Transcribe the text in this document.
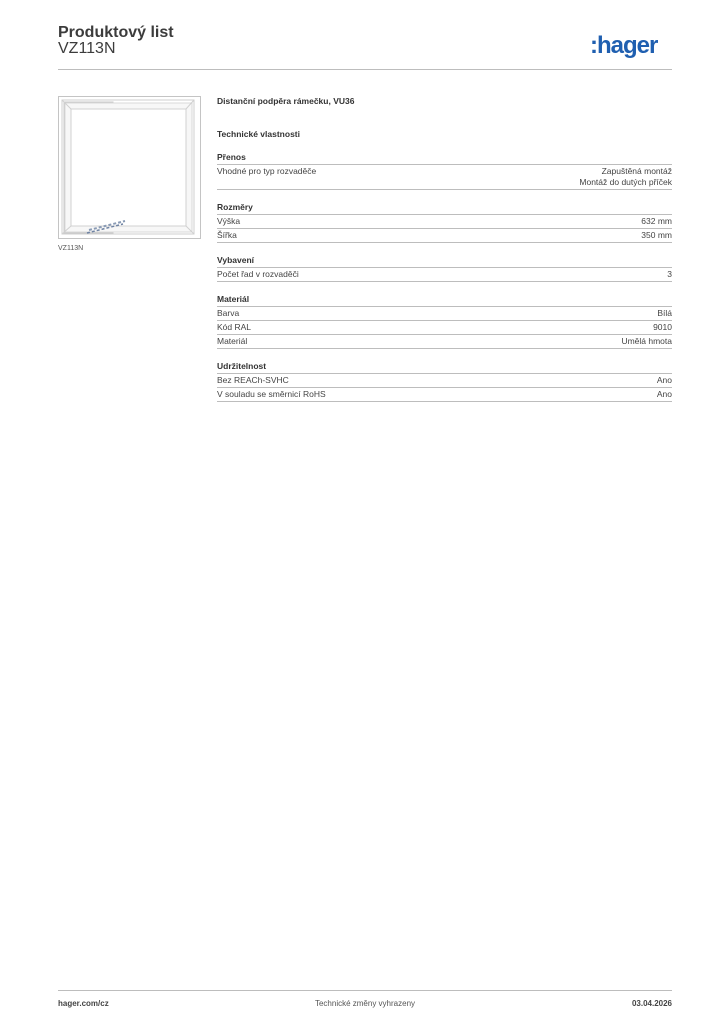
Produktový list
VZ113N	:hager
VZ113N
Distanční podpěra rámečku, VU36
Technické vlastnosti
Přenos
Vhodné pro typ rozvaděče	Zapuštěná montáž
Montáž do dutých příček
Rozměry
Výška	632 mm
Šířka	350 mm
Vybavení
Počet řad v rozvaděči	3
Materiál
Barva	Bílá
Kód RAL	9010
Materiál	Umělá hmota
Udržitelnost
Bez REACh-SVHC	Ano
V souladu se směrnicí RoHS	Ano
hager.com/cz	Technické změny vyhrazeny	03.04.2026
